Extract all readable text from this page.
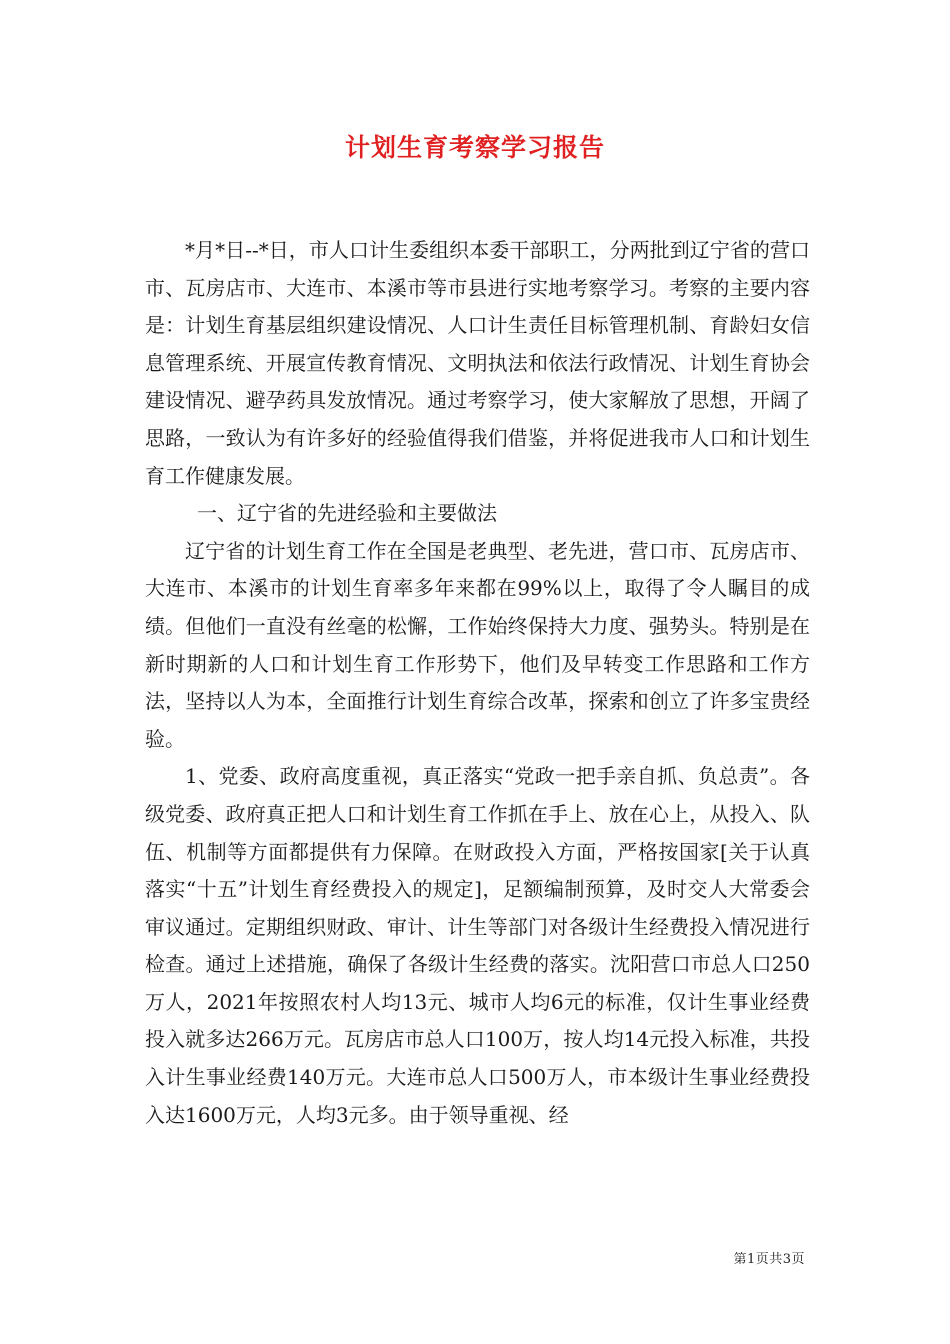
计划生育考察学习报告

*月*日--*日，市人口计生委组织本委干部职工，分两批到辽宁省的营口市、瓦房店市、大连市、本溪市等市县进行实地考察学习。考察的主要内容是：计划生育基层组织建设情况、人口计生责任目标管理机制、育龄妇女信息管理系统、开展宣传教育情况、文明执法和依法行政情况、计划生育协会建设情况、避孕药具发放情况。通过考察学习，使大家解放了思想，开阔了思路，一致认为有许多好的经验值得我们借鉴，并将促进我市人口和计划生育工作健康发展。

一、辽宁省的先进经验和主要做法

辽宁省的计划生育工作在全国是老典型、老先进，营口市、瓦房店市、大连市、本溪市的计划生育率多年来都在99%以上，取得了令人瞩目的成绩。但他们一直没有丝毫的松懈，工作始终保持大力度、强势头。特别是在新时期新的人口和计划生育工作形势下，他们及早转变工作思路和工作方法，坚持以人为本，全面推行计划生育综合改革，探索和创立了许多宝贵经验。

1、党委、政府高度重视，真正落实“党政一把手亲自抓、负总责”。各级党委、政府真正把人口和计划生育工作抓在手上、放在心上，从投入、队伍、机制等方面都提供有力保障。在财政投入方面，严格按国家[关于认真落实“十五”计划生育经费投入的规定]，足额编制预算，及时交人大常委会审议通过。定期组织财政、审计、计生等部门对各级计生经费投入情况进行检查。通过上述措施，确保了各级计生经费的落实。沈阳营口市总人口250万人，2021年按照农村人均13元、城市人均6元的标准，仅计生事业经费投入就多达266万元。瓦房店市总人口100万，按人均14元投入标准，共投入计生事业经费140万元。大连市总人口500万人，市本级计生事业经费投入达1600万元，人均3元多。由于领导重视、经

第1页共3页
